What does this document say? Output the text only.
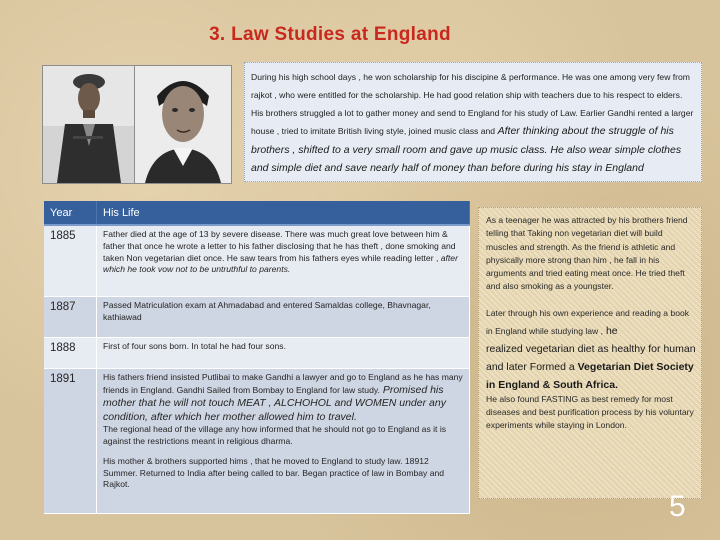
3. Law Studies at England
During his high school days , he won scholarship for his discipine & performance. He was one among very few from rajkot , who were entitled for the scholarship. He had good relation ship with teachers due to his respect to elders. His brothers struggled a lot to gather money and send to England for his study of Law. Earlier Gandhi rented a larger house , tried to imitate British living style, joined music class and After thinking about the struggle of his brothers , shifted to a very small room and gave up music class. He also wear simple clothes and simple diet and save nearly half of money than before during his stay in England
Year	His Life
1885	Father died at the age of 13 by severe disease. There was much great love between him & father that once he wrote a letter to his father disclosing that he has theft , done smoking and taken Non vegetarian diet once. He saw tears from his fathers eyes while reading letter , after which he took vow not to be untruthful to parents.
1887	Passed Matriculation exam at Ahmadabad and entered Samaldas college, Bhavnagar, kathiawad
1888	First of four sons born. In total he had four sons.
1891	His fathers friend insisted Putlibai to make Gandhi a lawyer and go to England as he has many friends in England. Gandhi Sailed from Bombay to England for law study. Promised his mother that he will not touch MEAT , ALCHOHOL and WOMEN under any condition, after which her mother allowed him to travel.
The regional head of the village any how informed that he should not go to England as it is against the restrictions meant in religious dharma.
His mother & brothers supported hims , that he moved to England to study law. 18912 Summer. Returned to India after being called to bar. Began practice of law in Bombay and Rajkot.

As a teenager he was attracted by his brothers friend telling that Taking non vegetarian diet will build muscles and strength. As the friend is athletic and physically more strong than him , he fall in his arguments and tried eating meat once. He tried theft and also smoking as a youngster.

Later through his own experience and reading a book in England while studying law , he
realized vegetarian diet as healthy for human and later Formed a Vegetarian Diet Society in England & South Africa.

He also found FASTING as best remedy for most diseases and best purification process by his voluntary experiments while staying in London.

5
